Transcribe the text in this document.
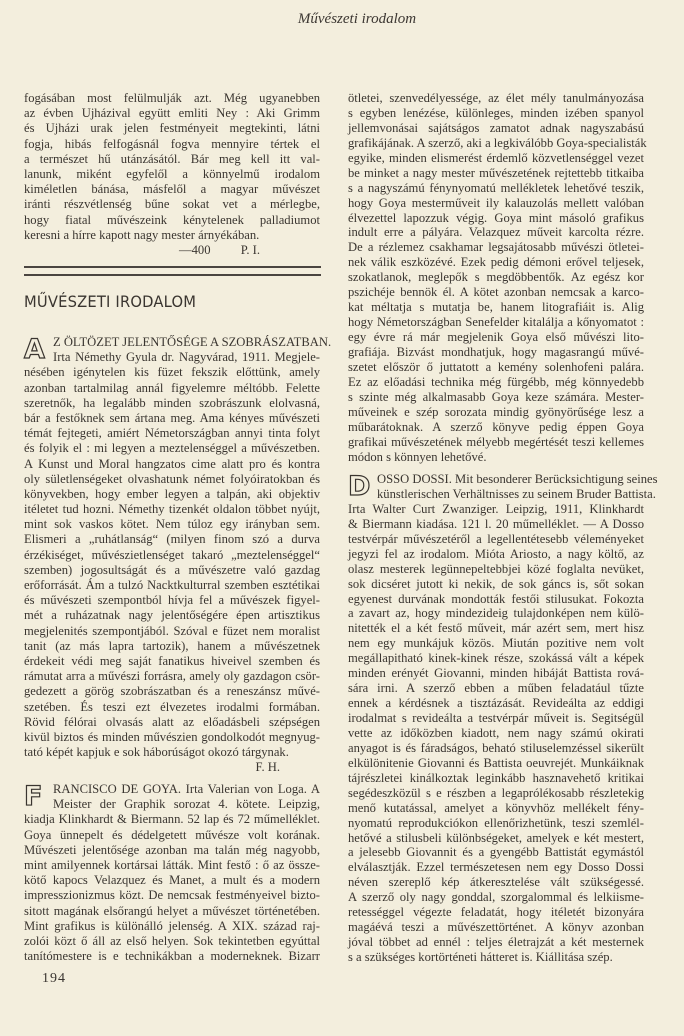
Művészeti irodalom
fogásában most felülmulják azt. Még ugyanebben
az évben Ujházival együtt emliti Ney : Aki Grimm
és Ujházi urak jelen festményeit megtekinti, látni
fogja, hibás felfogásnál fogva mennyire tértek el
a természet hű utánzásától. Bár meg kell itt val-
lanunk, miként egyfelől a könnyelmű irodalom
kiméletlen bánása, másfelől a magyar művészet
iránti részvétlenség bűne sokat vet a mérlegbe,
hogy fiatal művészeink kénytelenek palladiumot
keresni a hírre kapott nagy mester árnyékában.
—400 P. I.
MŰVÉSZETI IRODALOM
A Z ÖLTÖZET JELENTŐSÉGE A SZOBRÁSZATBAN.
Irta Némethy Gyula dr. Nagyvárad, 1911. Megjele-
nésében igénytelen kis füzet fekszik előttünk, amely
azonban tartalmilag annál figyelemre méltóbb. Felette
szeretnők, ha legalább minden szobrászunk elolvasná,
bár a festőknek sem ártana meg. Ama kényes művészeti
témát fejtegeti, amiért Németországban annyi tinta folyt
és folyik el : mi legyen a meztelenséggel a művészetben.
A Kunst und Moral hangzatos cime alatt pro és kontra
oly sületlenségeket olvashatunk német folyóiratokban és
könyvekben, hogy ember legyen a talpán, aki objektiv
itéletet tud hozni. Némethy tizenkét oldalon többet nyújt,
mint sok vaskos kötet. Nem túloz egy irányban sem.
Elismeri a „ruhátlanság“ (milyen finom szó a durva
érzékiséget, művészietlenséget takaró „meztelenséggel“
szemben) jogosultságát és a művészetre való gazdag
erőforrását. Ám a tulzó Nacktkulturral szemben esztétikai
és művészeti szempontból hívja fel a művészek figyel-
mét a ruházatnak nagy jelentőségére épen artisztikus
megjelenités szempontjából. Szóval e füzet nem moralist
tanit (az más lapra tartozik), hanem a művészetnek
érdekeit védi meg saját fanatikus hiveivel szemben és
rámutat arra a művészi forrásra, amely oly gazdagon csör-
gedezett a görög szobrászatban és a reneszánsz művé-
szetében. És teszi ezt élvezetes irodalmi formában.
Rövid félórai olvasás alatt az előadásbeli szépségen
kivül biztos és minden művészien gondolkodót megnyug-
tató képét kapjuk e sok háborúságot okozó tárgynak.
F. H.
F RANCISCO DE GOYA. Irta Valerian von Loga. A
Meister der Graphik sorozat 4. kötete. Leipzig,
kiadja Klinkhardt & Biermann. 52 lap és 72 műmelléklet.
Goya ünnepelt és dédelgetett művésze volt korának.
Művészeti jelentősége azonban ma talán még nagyobb,
mint amilyennek kortársai látták. Mint festő : ő az össze-
kötő kapocs Velazquez és Manet, a mult és a modern
impresszionizmus közt. De nemcsak festményeivel bizto-
sitott magának elsőrangú helyet a művészet történetében.
Mint grafikus is különálló jelenség. A XIX. század raj-
zolói közt ő áll az első helyen. Sok tekintetben egyúttal
tanítómestere is e technikákban a moderneknek. Bizarr
ötletei, szenvedélyessége, az élet mély tanulmányozása
s egyben lenézése, különleges, minden izében spanyol
jellemvonásai sajátságos zamatot adnak nagyszabású
grafikájának. A szerző, aki a legkiválóbb Goya-specialisták
egyike, minden elismerést érdemlő közvetlenséggel vezet
be minket a nagy mester művészetének rejtettebb titkaiba
s a nagyszámú fénynyomatú mellékletek lehetővé teszik,
hogy Goya mesterműveit ily kalauzolás mellett valóban
élvezettel lapozzuk végig. Goya mint másoló grafikus
indult erre a pályára. Velazquez műveit karcolta rézre.
De a rézlemez csakhamar legsajátosabb művészi ötletei-
nek válik eszközévé. Ezek pedig démoni erővel teljesek,
szokatlanok, meglepők s megdöbbentők. Az egész kor
pszichéje bennök él. A kötet azonban nemcsak a karco-
kat méltatja s mutatja be, hanem litografiáit is. Alig
hogy Németországban Senefelder kitalálja a kőnyomatot :
egy évre rá már megjelenik Goya első művészi lito-
grafiája. Bizvást mondhatjuk, hogy magasrangú művé-
szetet először ő juttatott a kemény solenhofeni palára.
Ez az előadási technika még fürgébb, még könnyedebb
s szinte még alkalmasabb Goya keze számára. Mester-
műveinek e szép sorozata mindig gyönyörűsége lesz a
műbarátoknak. A szerző könyve pedig éppen Goya
grafikai művészetének mélyebb megértését teszi kellemes
módon s könnyen lehetővé.
D OSSO DOSSI. Mit besonderer Berücksichtigung seines
künstlerischen Verhältnisses zu seinem Bruder Battista.
Irta Walter Curt Zwanziger. Leipzig, 1911, Klinkhardt
& Biermann kiadása. 121 l. 20 műmelléklet. — A Dosso
testvérpár művészetéről a legellentétesebb véleményeket
jegyzi fel az irodalom. Mióta Ariosto, a nagy költő, az
olasz mesterek legünnepeltebbjei közé foglalta nevüket,
sok dicséret jutott ki nekik, de sok gáncs is, sőt sokan
egyenest durvának mondották festői stilusukat. Fokozta
a zavart az, hogy mindezideig tulajdonképen nem külö-
nitették el a két festő műveit, már azért sem, mert hisz
nem egy munkájuk közös. Miután pozitive nem volt
megállapitható kinek-kinek része, szokássá vált a képek
minden erényét Giovanni, minden hibáját Battista rová-
sára irni. A szerző ebben a műben feladatául tűzte
ennek a kérdésnek a tisztázását. Revideálta az eddigi
irodalmat s revideálta a testvérpár műveit is. Segitségül
vette az időközben kiadott, nem nagy számú okirati
anyagot is és fáradságos, beható stiluselemzéssel sikerült
elkülönitenie Giovanni és Battista oeuvrejét. Munkáiknak
tájrészletei kinálkoztak leginkább hasznavehető kritikai
segédeszközül s e részben a legaprólékosabb részletekig
menő kutatással, amelyet a könyvhöz mellékelt fény-
nyomatú reprodukciókon ellenőrizhetünk, teszi szemlél-
hetővé a stilusbeli különbségeket, amelyek e két mestert,
a jelesebb Giovannit és a gyengébb Battistát egymástól
elválasztják. Ezzel természetesen nem egy Dosso Dossi
néven szereplő kép átkeresztelése vált szükségessé.
A szerző oly nagy gonddal, szorgalommal és lelkiisme-
retességgel végezte feladatát, hogy itéletét bizonyára
magáévá teszi a művészettörténet. A könyv azonban
jóval többet ad ennél : teljes életrajzát a két mesternek
s a szükséges kortörténeti hátteret is. Kiállitása szép.
194
